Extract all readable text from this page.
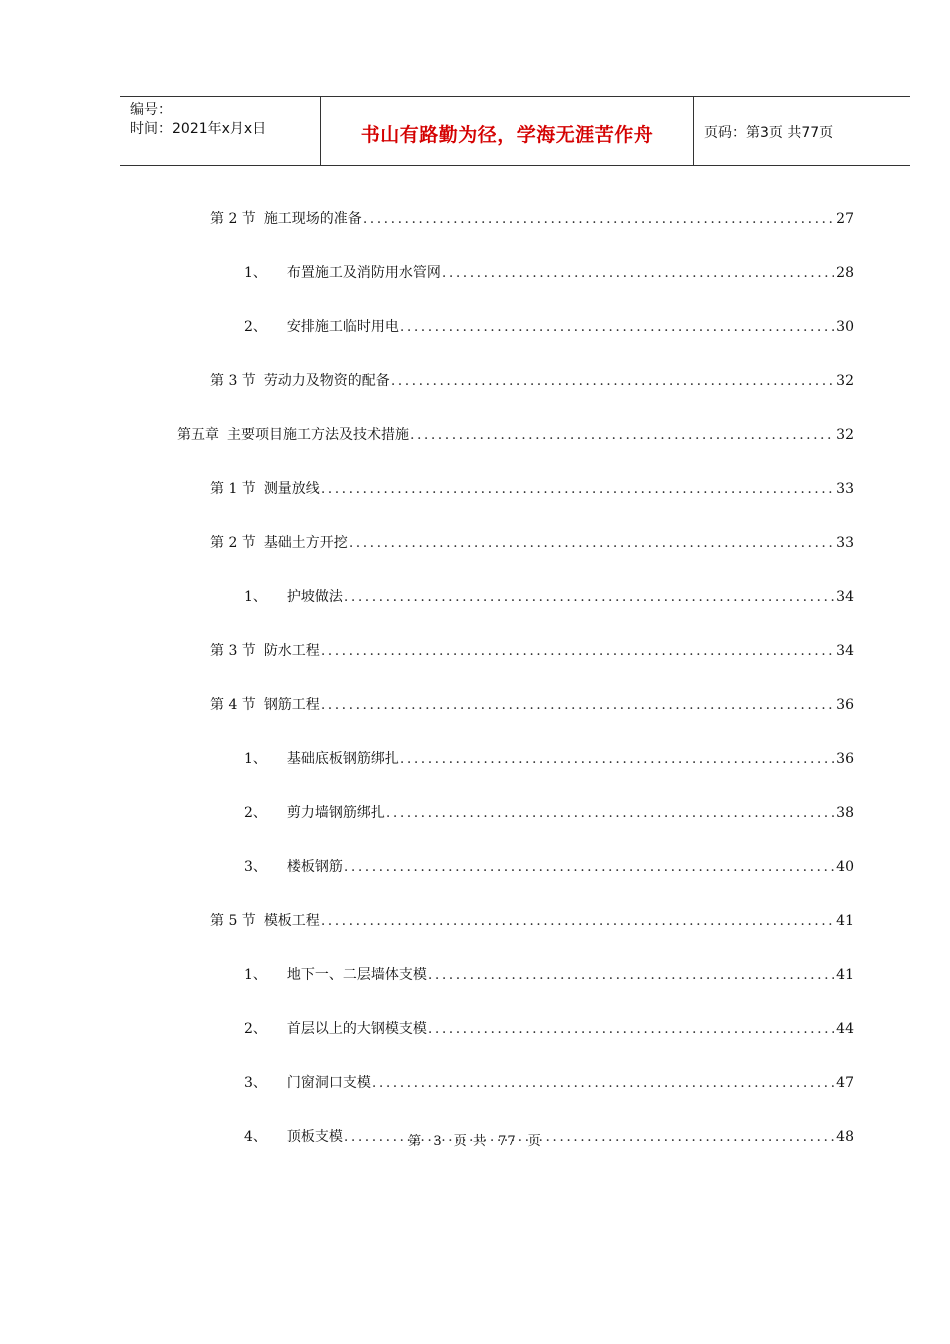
编号：
时间：2021年x月x日	书山有路勤为径，学海无涯苦作舟	页码：第3页 共77页
第 2 节 施工现场的准备 .....	27
1、 布置施工及消防用水管网 .....	28
2、 安排施工临时用电 .....	30
第 3 节 劳动力及物资的配备 .....	32
第五章 主要项目施工方法及技术措施 .....	32
第 1 节 测量放线 .....	33
第 2 节 基础土方开挖 .....	33
1、 护坡做法 .....	34
第 3 节 防水工程 .....	34
第 4 节 钢筋工程 .....	36
1、 基础底板钢筋绑扎 .....	36
2、 剪力墙钢筋绑扎 .....	38
3、 楼板钢筋 .....	40
第 5 节 模板工程 .....	41
1、 地下一、二层墙体支模 .....	41
2、 首层以上的大钢模支模 .....	44
3、 门窗洞口支模 .....	47
4、 顶板支模 .....	48
第 3 页 共 77 页
